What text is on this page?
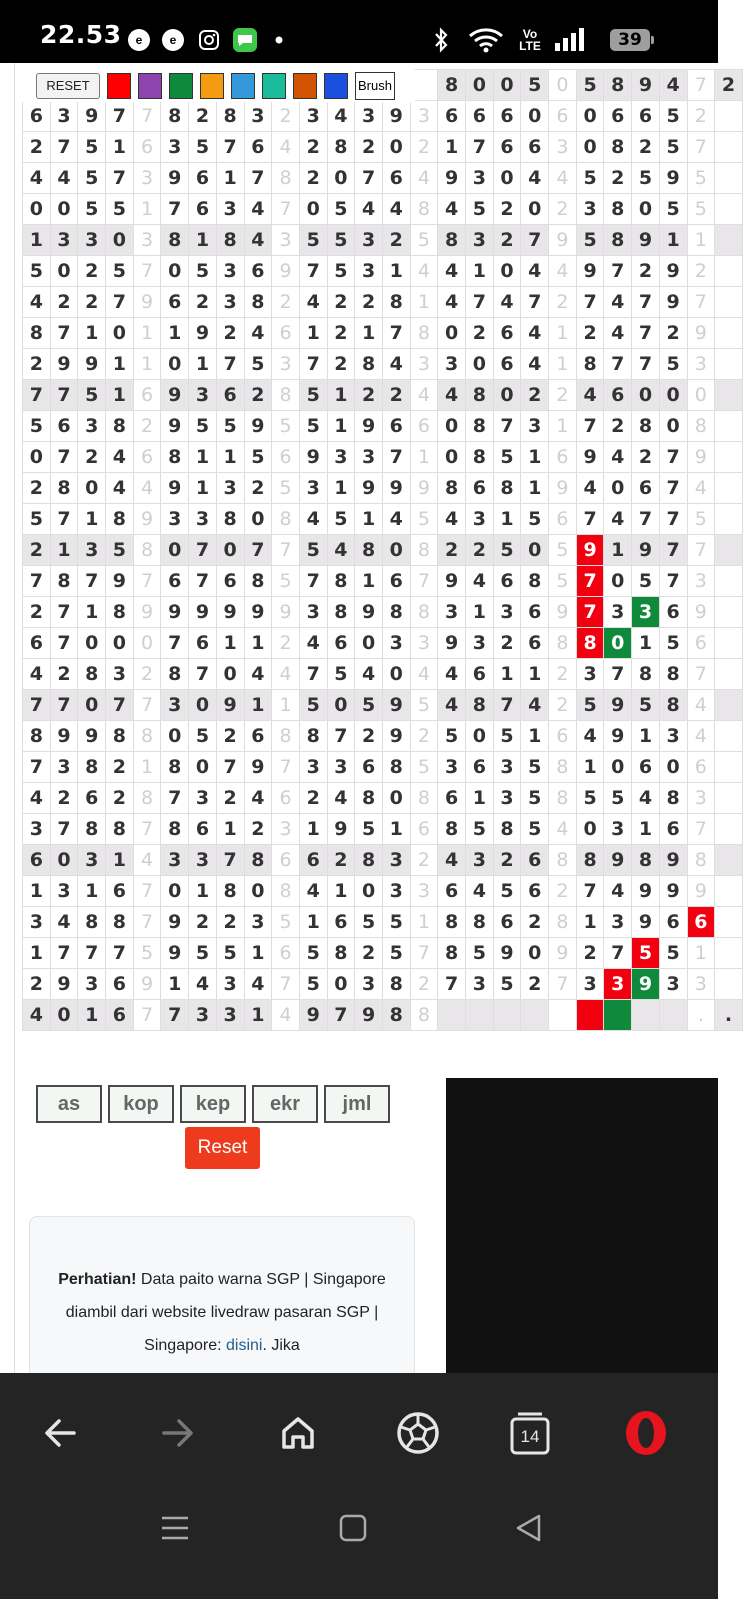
22.53	e	e	Vo LTE	39
															8	0	0	5	0	5	8	9	4	7	2
6	3	9	7	7	8	2	8	3	2	3	4	3	9	3	6	6	6	0	6	0	6	6	5	2	
2	7	5	1	6	3	5	7	6	4	2	8	2	0	2	1	7	6	6	3	0	8	2	5	7	
4	4	5	7	3	9	6	1	7	8	2	0	7	6	4	9	3	0	4	4	5	2	5	9	5	
0	0	5	5	1	7	6	3	4	7	0	5	4	4	8	4	5	2	0	2	3	8	0	5	5	
1	3	3	0	3	8	1	8	4	3	5	5	3	2	5	8	3	2	7	9	5	8	9	1	1	
5	0	2	5	7	0	5	3	6	9	7	5	3	1	4	4	1	0	4	4	9	7	2	9	2	
4	2	2	7	9	6	2	3	8	2	4	2	2	8	1	4	7	4	7	2	7	4	7	9	7	
8	7	1	0	1	1	9	2	4	6	1	2	1	7	8	0	2	6	4	1	2	4	7	2	9	
2	9	9	1	1	0	1	7	5	3	7	2	8	4	3	3	0	6	4	1	8	7	7	5	3	
7	7	5	1	6	9	3	6	2	8	5	1	2	2	4	4	8	0	2	2	4	6	0	0	0	
5	6	3	8	2	9	5	5	9	5	5	1	9	6	6	0	8	7	3	1	7	2	8	0	8	
0	7	2	4	6	8	1	1	5	6	9	3	3	7	1	0	8	5	1	6	9	4	2	7	9	
2	8	0	4	4	9	1	3	2	5	3	1	9	9	9	8	6	8	1	9	4	0	6	7	4	
5	7	1	8	9	3	3	8	0	8	4	5	1	4	5	4	3	1	5	6	7	4	7	7	5	
2	1	3	5	8	0	7	0	7	7	5	4	8	0	8	2	2	5	0	5	9	1	9	7	7	
7	8	7	9	7	6	7	6	8	5	7	8	1	6	7	9	4	6	8	5	7	0	5	7	3	
2	7	1	8	9	9	9	9	9	9	3	8	9	8	8	3	1	3	6	9	7	3	3	6	9	
6	7	0	0	0	7	6	1	1	2	4	6	0	3	3	9	3	2	6	8	8	0	1	5	6	
4	2	8	3	2	8	7	0	4	4	7	5	4	0	4	4	6	1	1	2	3	7	8	8	7	
7	7	0	7	7	3	0	9	1	1	5	0	5	9	5	4	8	7	4	2	5	9	5	8	4	
8	9	9	8	8	0	5	2	6	8	8	7	2	9	2	5	0	5	1	6	4	9	1	3	4	
7	3	8	2	1	8	0	7	9	7	3	3	6	8	5	3	6	3	5	8	1	0	6	0	6	
4	2	6	2	8	7	3	2	4	6	2	4	8	0	8	6	1	3	5	8	5	5	4	8	3	
3	7	8	8	7	8	6	1	2	3	1	9	5	1	6	8	5	8	5	4	0	3	1	6	7	
6	0	3	1	4	3	3	7	8	6	6	2	8	3	2	4	3	2	6	8	8	9	8	9	8	
1	3	1	6	7	0	1	8	0	8	4	1	0	3	3	6	4	5	6	2	7	4	9	9	9	
3	4	8	8	7	9	2	2	3	5	1	6	5	5	1	8	8	6	2	8	1	3	9	6	6	
1	7	7	7	5	9	5	5	1	6	5	8	2	5	7	8	5	9	0	9	2	7	5	5	1	
2	9	3	6	9	1	4	3	4	7	5	0	3	8	2	7	3	5	2	7	3	3	9	3	3	
4	0	1	6	7	7	3	3	1	4	9	7	9	8	8										.	.
RESET	Brush
as	kop	kep	ekr	jml
Reset
Perhatian! Data paito warna SGP | Singapore diambil dari website livedraw pasaran SGP | Singapore: disini. Jika
14
